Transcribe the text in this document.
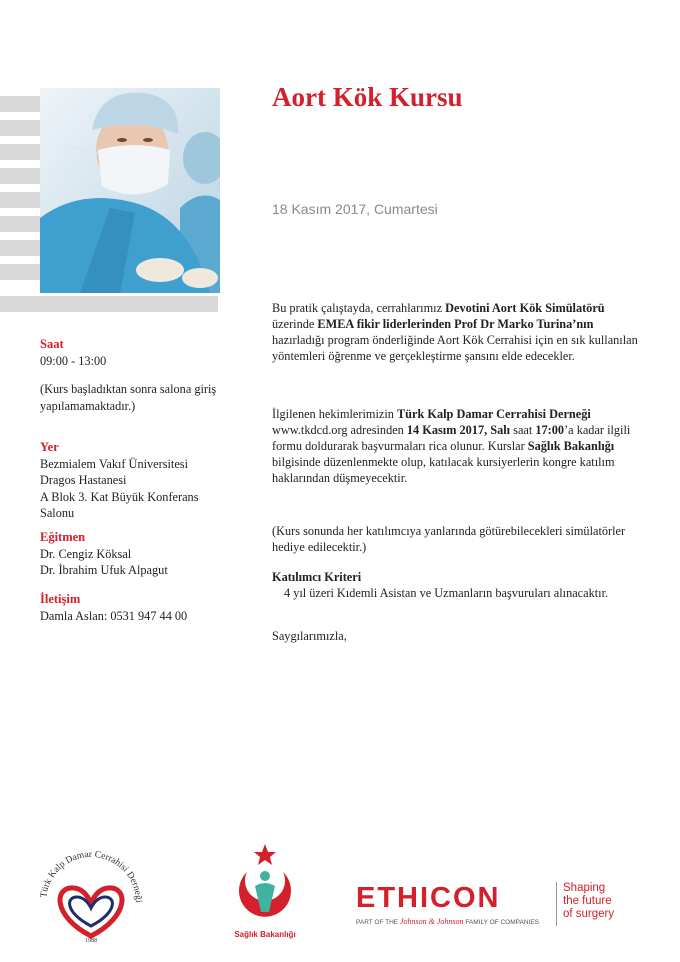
Aort Kök Kursu
18 Kasım 2017, Cumartesi
Bu pratik çalıştayda, cerrahlarımız Devotini Aort Kök Simülatörü üzerinde EMEA fikir liderlerinden Prof Dr Marko Turina’nın hazırladığı program önderliğinde Aort Kök Cerrahisi için en sık kullanılan yöntemleri öğrenme ve gerçekleştirme şansını elde edecekler.
İlgilenen hekimlerimizin Türk Kalp Damar Cerrahisi Derneği www.tkdcd.org adresinden 14 Kasım 2017, Salı saat 17:00’a kadar ilgili formu doldurarak başvurmaları rica olunur. Kurslar Sağlık Bakanlığı bilgisinde düzenlenmekte olup, katılacak kursiyerlerin kongre katılım haklarından düşmeyecektir.
(Kurs sonunda her katılımcıya yanlarında götürebilecekleri simülatörler hediye edilecektir.)
Katılımcı Kriteri
4 yıl üzeri Kıdemli Asistan ve Uzmanların başvuruları alınacaktır.
Saygılarımızla,
Saat
09:00 - 13:00
(Kurs başladıktan sonra salona giriş yapılamamaktadır.)
Yer
Bezmialem Vakıf Üniversitesi
Dragos Hastanesi
A Blok 3. Kat Büyük Konferans
Salonu
Eğitmen
Dr. Cengiz Köksal
Dr. İbrahim Ufuk Alpagut
İletişim
Damla Aslan: 0531 947 44 00
Türk Kalp Damar Cerrahisi Derneği
1988
Sağlık Bakanlığı
ETHICON
PART OF THE Johnson & Johnson FAMILY OF COMPANIES
Shaping
the future
of surgery
